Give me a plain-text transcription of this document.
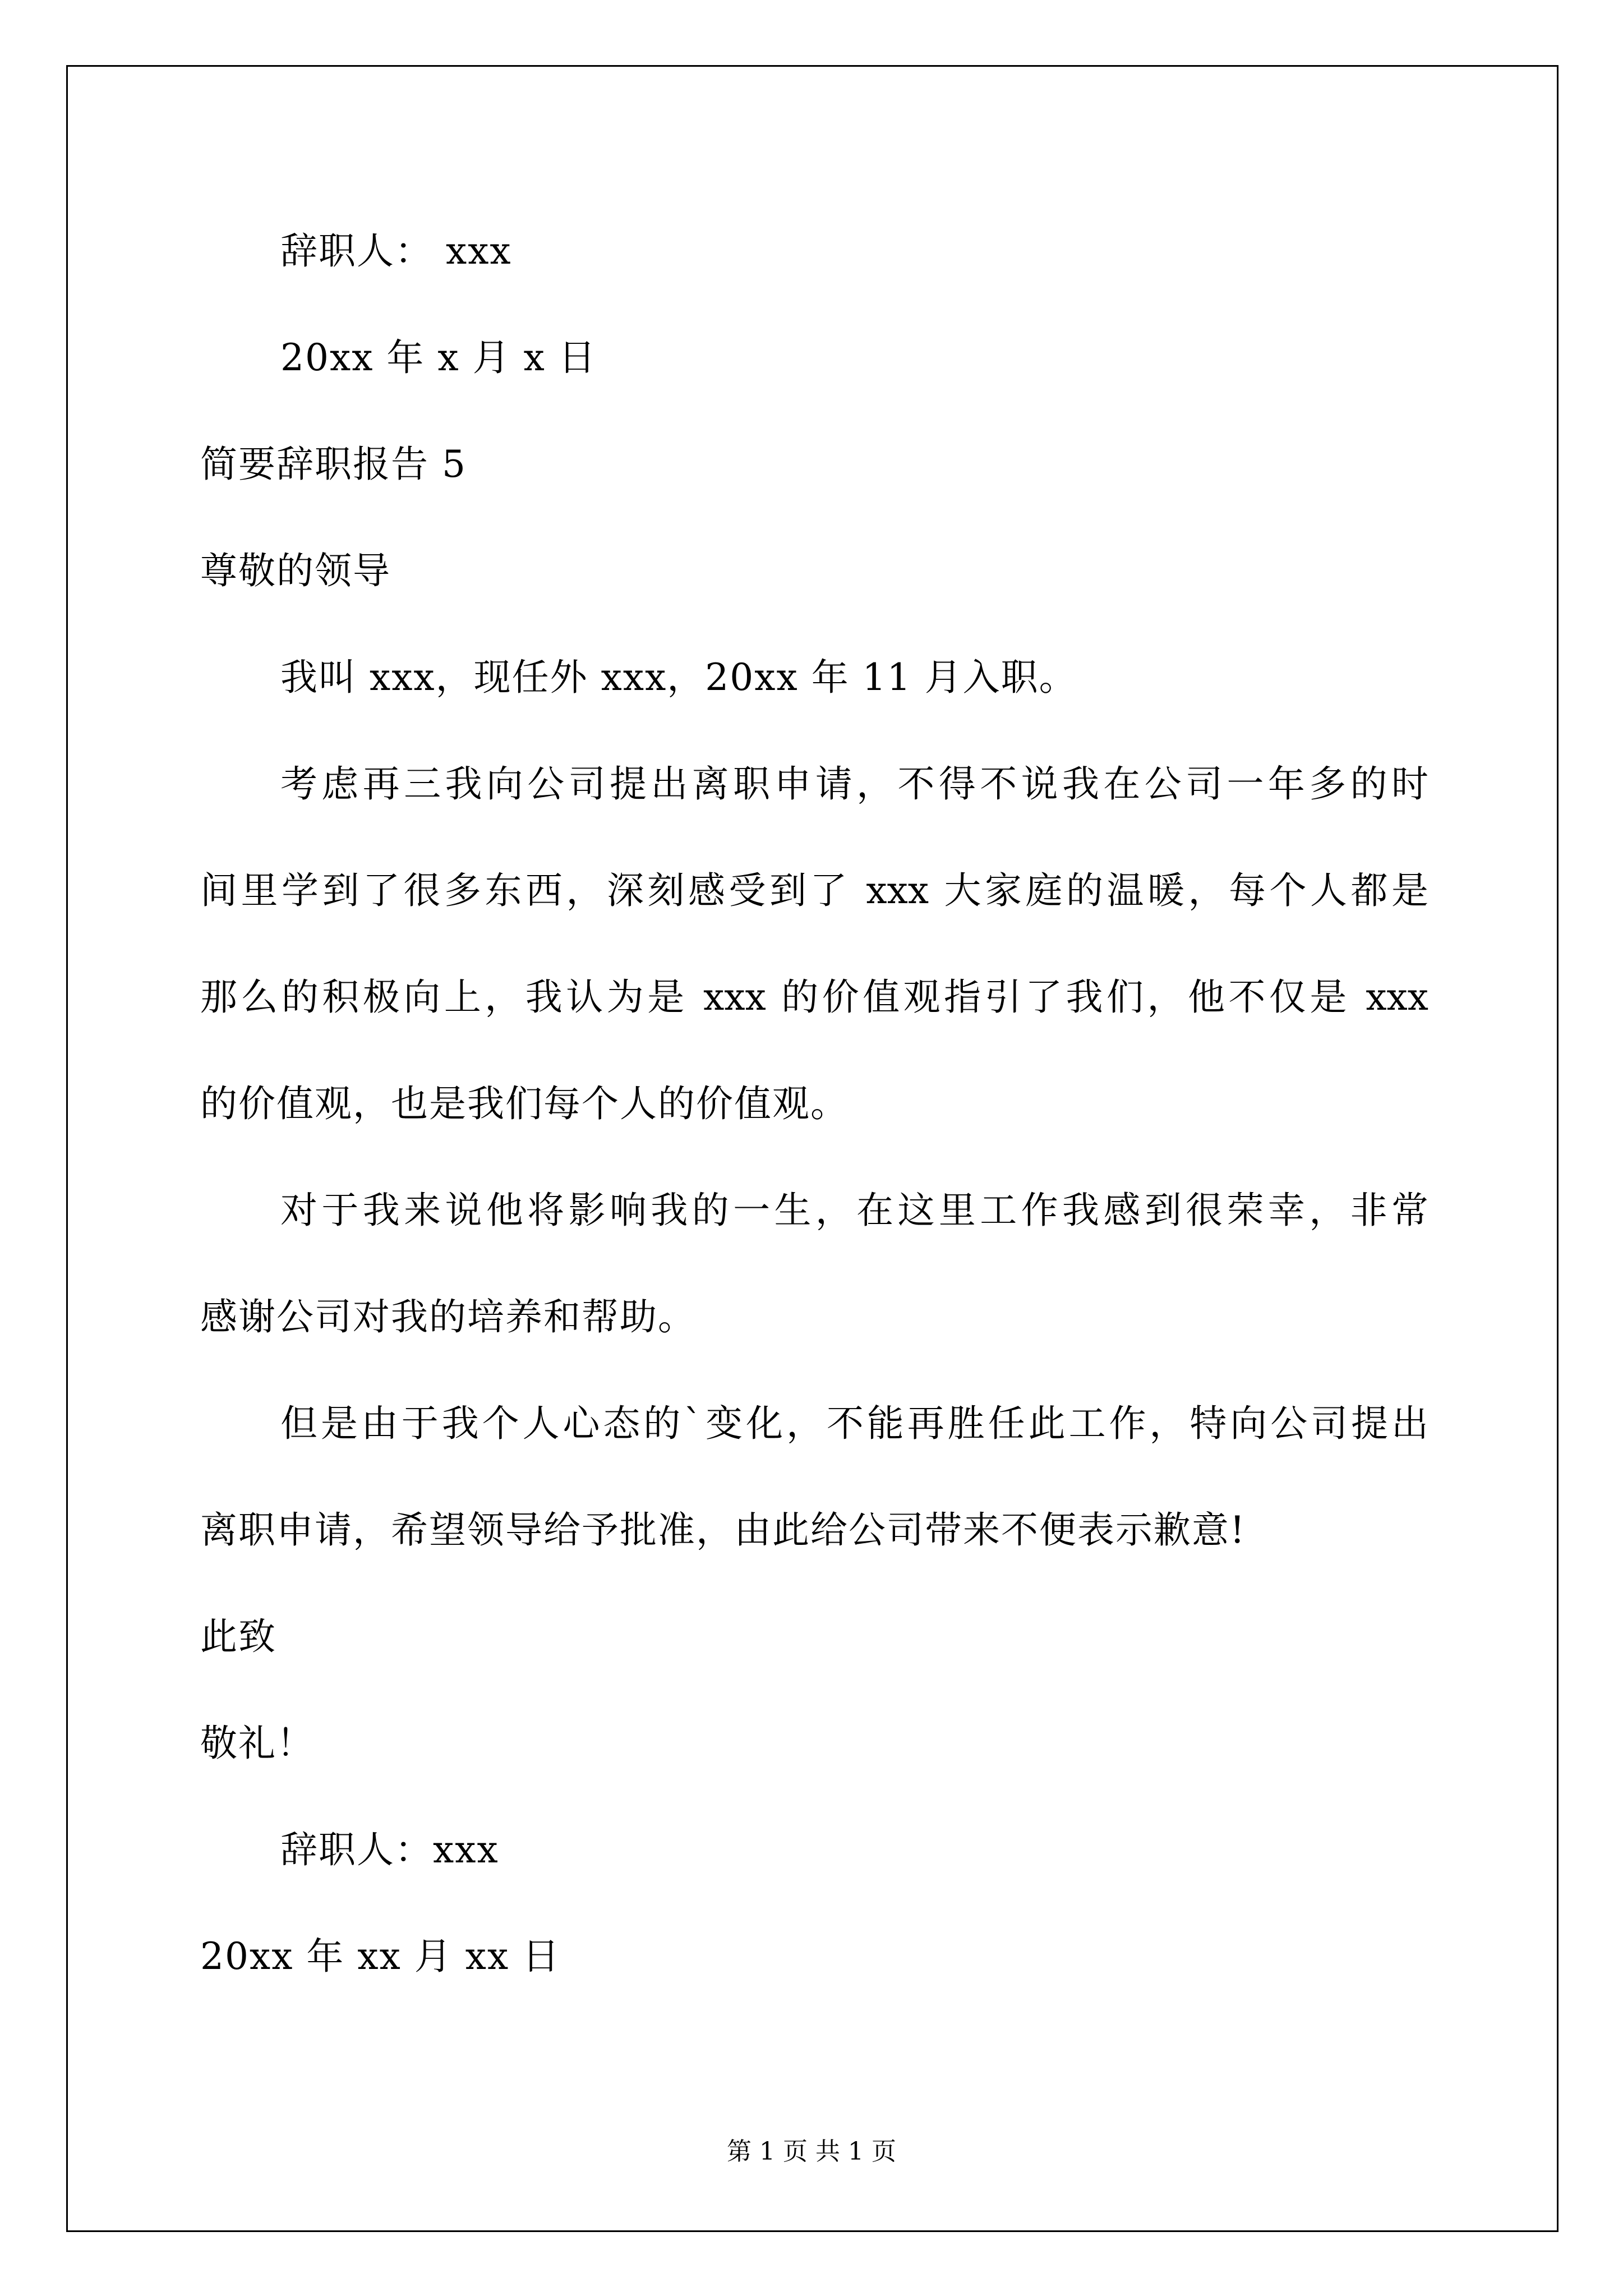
辞职人： xxx
20xx 年 x 月 x 日
简要辞职报告 5
尊敬的领导
我叫 xxx，现任外 xxx，20xx 年 11 月入职。
考虑再三我向公司提出离职申请，不得不说我在公司一年多的时
间里学到了很多东西，深刻感受到了 xxx 大家庭的温暖，每个人都是
那么的积极向上，我认为是 xxx 的价值观指引了我们，他不仅是 xxx
的价值观，也是我们每个人的价值观。
对于我来说他将影响我的一生，在这里工作我感到很荣幸，非常
感谢公司对我的培养和帮助。
但是由于我个人心态的`变化，不能再胜任此工作，特向公司提出
离职申请，希望领导给予批准，由此给公司带来不便表示歉意!
此致
敬礼！
辞职人：xxx
20xx 年 xx 月 xx 日
第 1 页 共 1 页
